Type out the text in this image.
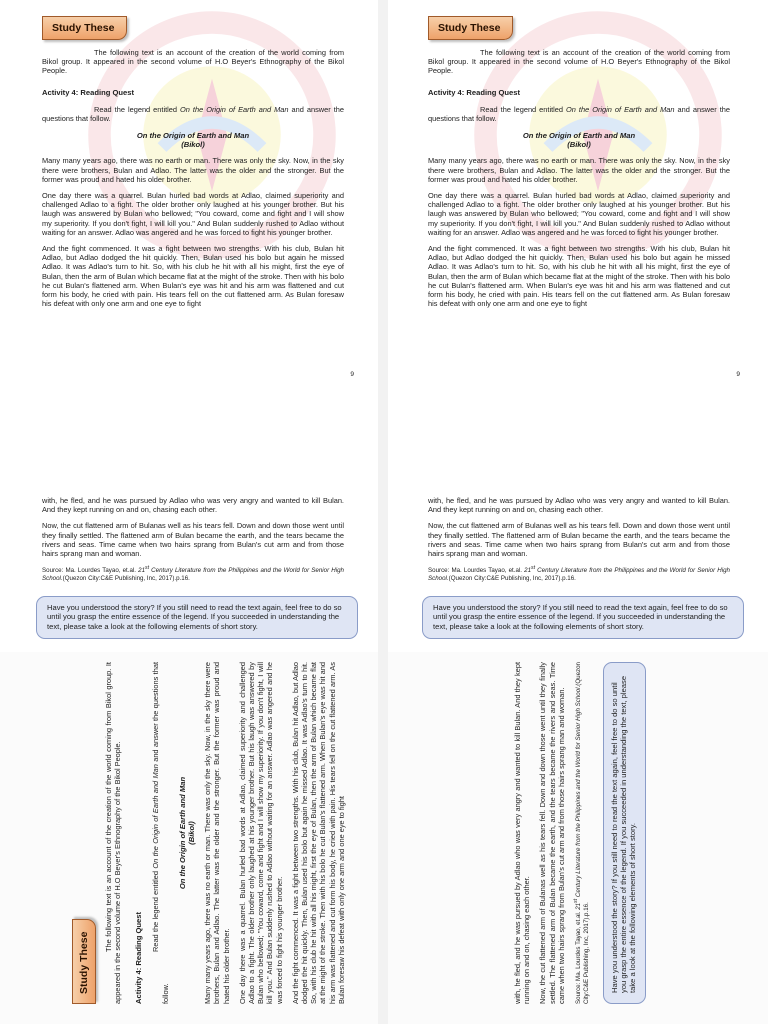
Study These

The following text is an account of the creation of the world coming from Bikol group. It appeared in the second volume of H.O Beyer's Ethnography of the Bikol People.

Activity 4: Reading Quest

Read the legend entitled On the Origin of Earth and Man and answer the questions that follow.

On the Origin of Earth and Man
(Bikol)

Many many years ago, there was no earth or man. There was only the sky. Now, in the sky there were brothers, Bulan and Adlao. The latter was the older and the stronger. But the former was proud and hated his older brother.

One day there was a quarrel. Bulan hurled bad words at Adlao, claimed superiority and challenged Adlao to a fight. The older brother only laughed at his younger brother. But his laugh was answered by Bulan who bellowed; "You coward, come and fight and I will show my superiority. If you don't fight, I will kill you." And Bulan suddenly rushed to Adlao without waiting for an answer. Adlao was angered and he was forced to fight his younger brother.

And the fight commenced. It was a fight between two strengths. With his club, Bulan hit Adlao, but Adlao dodged the hit quickly. Then, Bulan used his bolo but again he missed Adlao. It was Adlao's turn to hit. So, with his club he hit with all his might, first the eye of Bulan, then the arm of Bulan which became flat at the might of the stroke. Then with his bolo he cut Bulan's flattened arm. When Bulan's eye was hit and his arm was flattened and cut form his body, he cried with pain. His tears fell on the cut flattened arm. As Bulan foresaw his defeat with only one arm and one eye to fight

9
Study These

The following text is an account of the creation of the world coming from Bikol group. It appeared in the second volume of H.O Beyer's Ethnography of the Bikol People.

Activity 4: Reading Quest

Read the legend entitled On the Origin of Earth and Man and answer the questions that follow.

On the Origin of Earth and Man
(Bikol)

Many many years ago, there was no earth or man. There was only the sky. Now, in the sky there were brothers, Bulan and Adlao. The latter was the older and the stronger. But the former was proud and hated his older brother.

One day there was a quarrel. Bulan hurled bad words at Adlao, claimed superiority and challenged Adlao to a fight. The older brother only laughed at his younger brother. But his laugh was answered by Bulan who bellowed; "You coward, come and fight and I will show my superiority. If you don't fight, I will kill you." And Bulan suddenly rushed to Adlao without waiting for an answer. Adlao was angered and he was forced to fight his younger brother.

And the fight commenced. It was a fight between two strengths. With his club, Bulan hit Adlao, but Adlao dodged the hit quickly. Then, Bulan used his bolo but again he missed Adlao. It was Adlao's turn to hit. So, with his club he hit with all his might, first the eye of Bulan, then the arm of Bulan which became flat at the might of the stroke. Then with his bolo he cut Bulan's flattened arm. When Bulan's eye was hit and his arm was flattened and cut form his body, he cried with pain. His tears fell on the cut flattened arm. As Bulan foresaw his defeat with only one arm and one eye to fight

9

with, he fled, and he was pursued by Adlao who was very angry and wanted to kill Bulan. And they kept running on and on, chasing each other.

Now, the cut flattened arm of Bulanas well as his tears fell. Down and down those went until they finally settled. The flattened arm of Bulan became the earth, and the tears became the rivers and seas. Time came when two hairs sprang from Bulan's cut arm and from those hairs sprang man and woman.

Source: Ma. Lourdes Tayao, et.al. 21st Century Literature from the Philippines and the World for Senior High School.(Quezon City:C&E Publishing, Inc, 2017).p.16.

Have you understood the story? If you still need to read the text again, feel free to do so until you grasp the entire essence of the legend. If you succeeded in understanding the text, please take a look at the following elements of short story.

with, he fled, and he was pursued by Adlao who was very angry and wanted to kill Bulan. And they kept running on and on, chasing each other.

Now, the cut flattened arm of Bulanas well as his tears fell. Down and down those went until they finally settled. The flattened arm of Bulan became the earth, and the tears became the rivers and seas. Time came when two hairs sprang from Bulan's cut arm and from those hairs sprang man and woman.

Source: Ma. Lourdes Tayao, et.al. 21st Century Literature from the Philippines and the World for Senior High School.(Quezon City:C&E Publishing, Inc, 2017).p.16.

Have you understood the story? If you still need to read the text again, feel free to do so until you grasp the entire essence of the legend. If you succeeded in understanding the text, please take a look at the following elements of short story.
Study These

The following text is an account of the creation of the world coming from Bikol group. It appeared in the second volume of H.O Beyer's Ethnography of the Bikol People. Activity 4: Reading Quest

Read the legend entitled On the Origin of Earth and Man and answer the questions that follow.

On the Origin of Earth and Man (Bikol) Many many years ago, there was no earth or man. There was only the sky. Now, in the sky there were brothers, Bulan and Adlao. The latter was the older and the stronger. But the former was proud and hated his older brother. One day there was a quarrel. Bulan hurled bad words at Adlao, claimed superiority and challenged Adlao to a fight. The older brother only laughed at his younger brother. But his laugh was answered by Bulan who bellowed; "You coward, come and fight and I will show my superiority. If you don't fight, I will kill you." And Bulan suddenly rushed to Adlao without waiting for an answer. Adlao was angered and he was forced to fight his younger brother. And the fight commenced. It was a fight between two strengths. With his club, Bulan hit Adlao, but Adlao dodged the hit quickly. Then, Bulan used his bolo but again he missed Adlao. It was Adlao's turn to hit. So, with his club he hit with all his might, first the eye of Bulan, then the arm of Bulan which became flat at the might of the stroke. Then with his bolo he cut Bulan's flattened arm. When Bulan's eye was hit and his arm was flattened and cut form his body, he cried with pain. His tears fell on the cut flattened arm. As Bulan foresaw his defeat with only one arm and one eye to fight	with, he fled, and he was pursued by Adlao who was very angry and wanted to kill Bulan. And they kept running on and on, chasing each other. Now, the cut flattened arm of Bulanas well as his tears fell. Down and down those went until they finally settled. The flattened arm of Bulan became the earth, and the tears became the rivers and seas. Time came when two hairs sprang from Bulan's cut arm and from those hairs sprang man and woman.	Source: Ma. Lourdes Tayao, et.al. 21st Century Literature from the Philippines and the World for Senior High School.(Quezon City:C&E Publishing, Inc, 2017).p.16.	Have you understood the story? If you still need to read the text again, feel free to do so until you grasp the entire essence of the legend. If you succeeded in understanding the text, please take a look at the following elements of short story.
